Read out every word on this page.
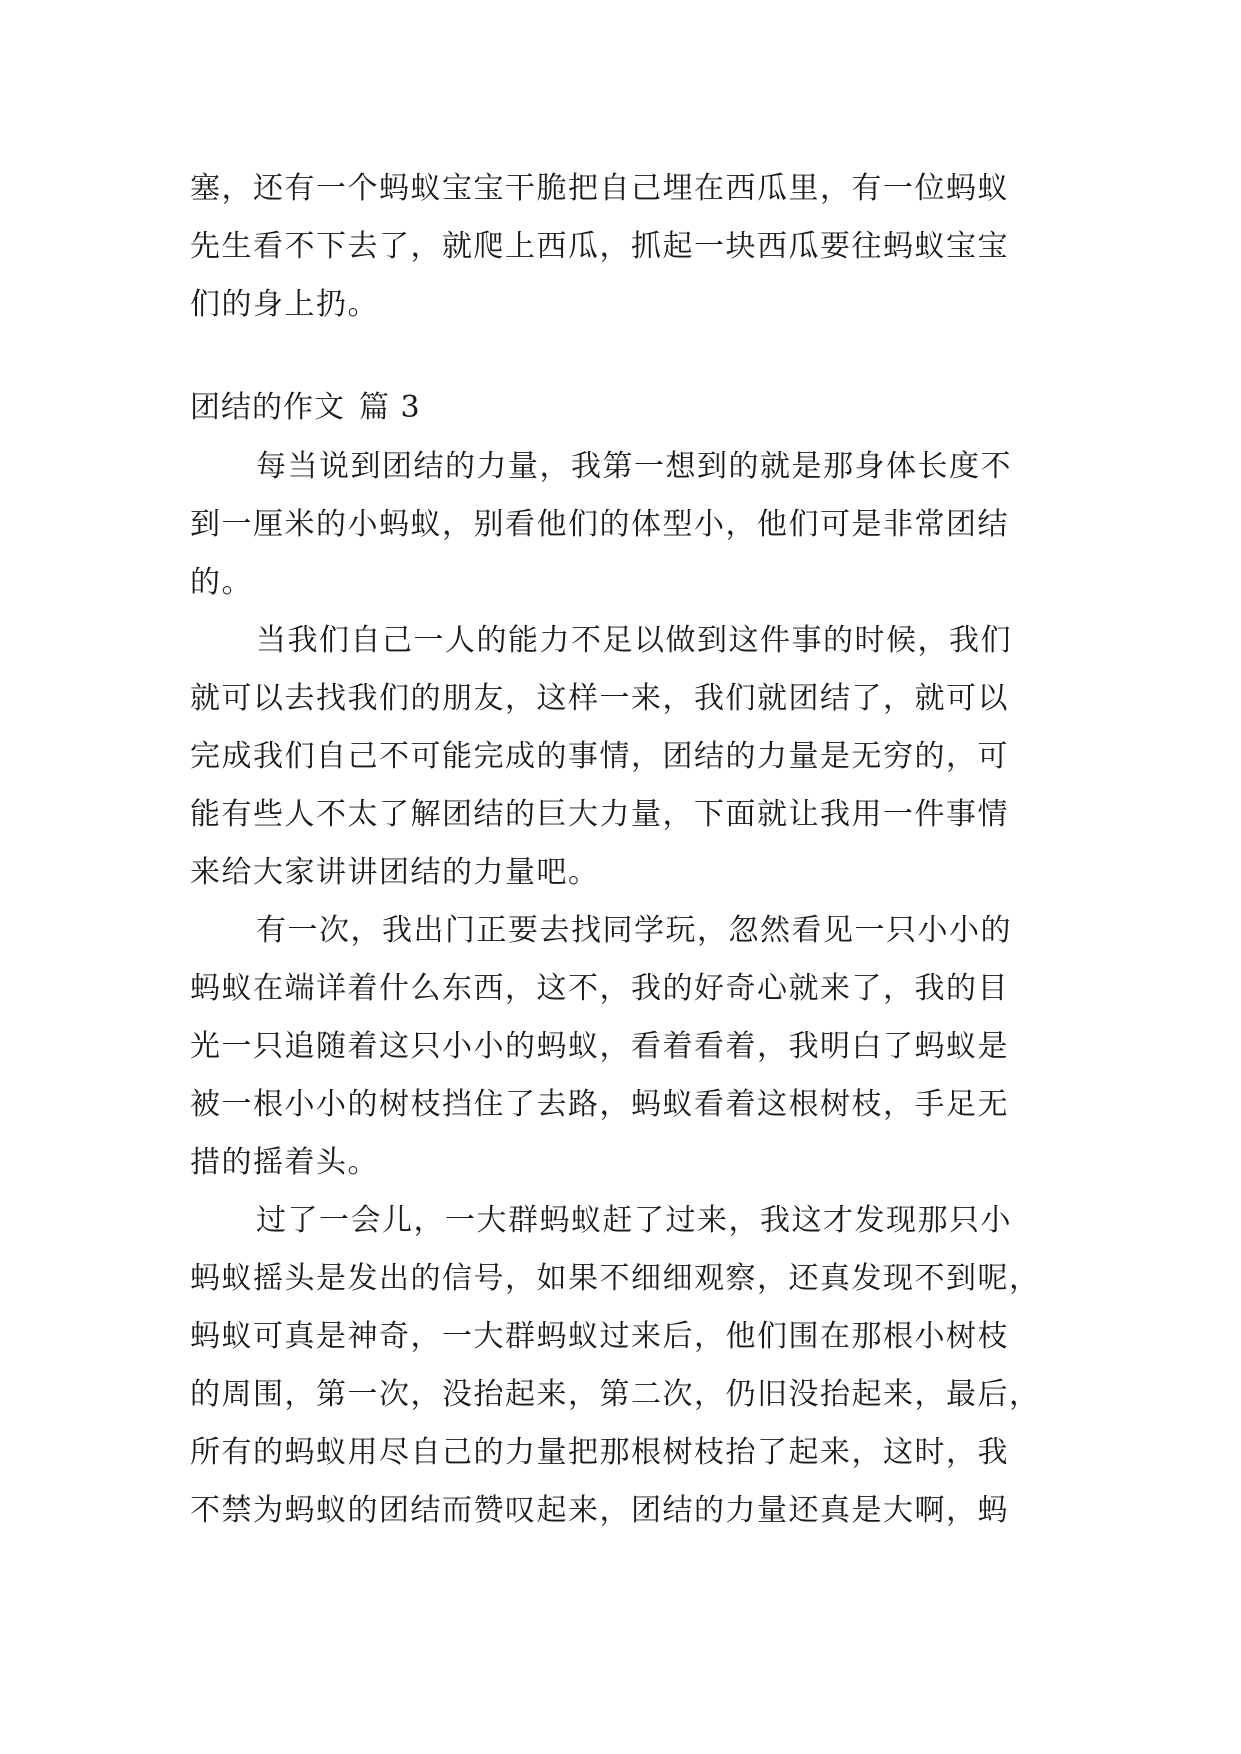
塞，还有一个蚂蚁宝宝干脆把自己埋在西瓜里，有一位蚂蚁
先生看不下去了，就爬上西瓜，抓起一块西瓜要往蚂蚁宝宝
们的身上扔。
团结的作文 篇 3
每当说到团结的力量，我第一想到的就是那身体长度不
到一厘米的小蚂蚁，别看他们的体型小，他们可是非常团结
的。
当我们自己一人的能力不足以做到这件事的时候，我们
就可以去找我们的朋友，这样一来，我们就团结了，就可以
完成我们自己不可能完成的事情，团结的力量是无穷的，可
能有些人不太了解团结的巨大力量，下面就让我用一件事情
来给大家讲讲团结的力量吧。
有一次，我出门正要去找同学玩，忽然看见一只小小的
蚂蚁在端详着什么东西，这不，我的好奇心就来了，我的目
光一只追随着这只小小的蚂蚁，看着看着，我明白了蚂蚁是
被一根小小的树枝挡住了去路，蚂蚁看着这根树枝，手足无
措的摇着头。
过了一会儿，一大群蚂蚁赶了过来，我这才发现那只小
蚂蚁摇头是发出的信号，如果不细细观察，还真发现不到呢，
蚂蚁可真是神奇，一大群蚂蚁过来后，他们围在那根小树枝
的周围，第一次，没抬起来，第二次，仍旧没抬起来，最后，
所有的蚂蚁用尽自己的力量把那根树枝抬了起来，这时，我
不禁为蚂蚁的团结而赞叹起来，团结的力量还真是大啊，蚂
